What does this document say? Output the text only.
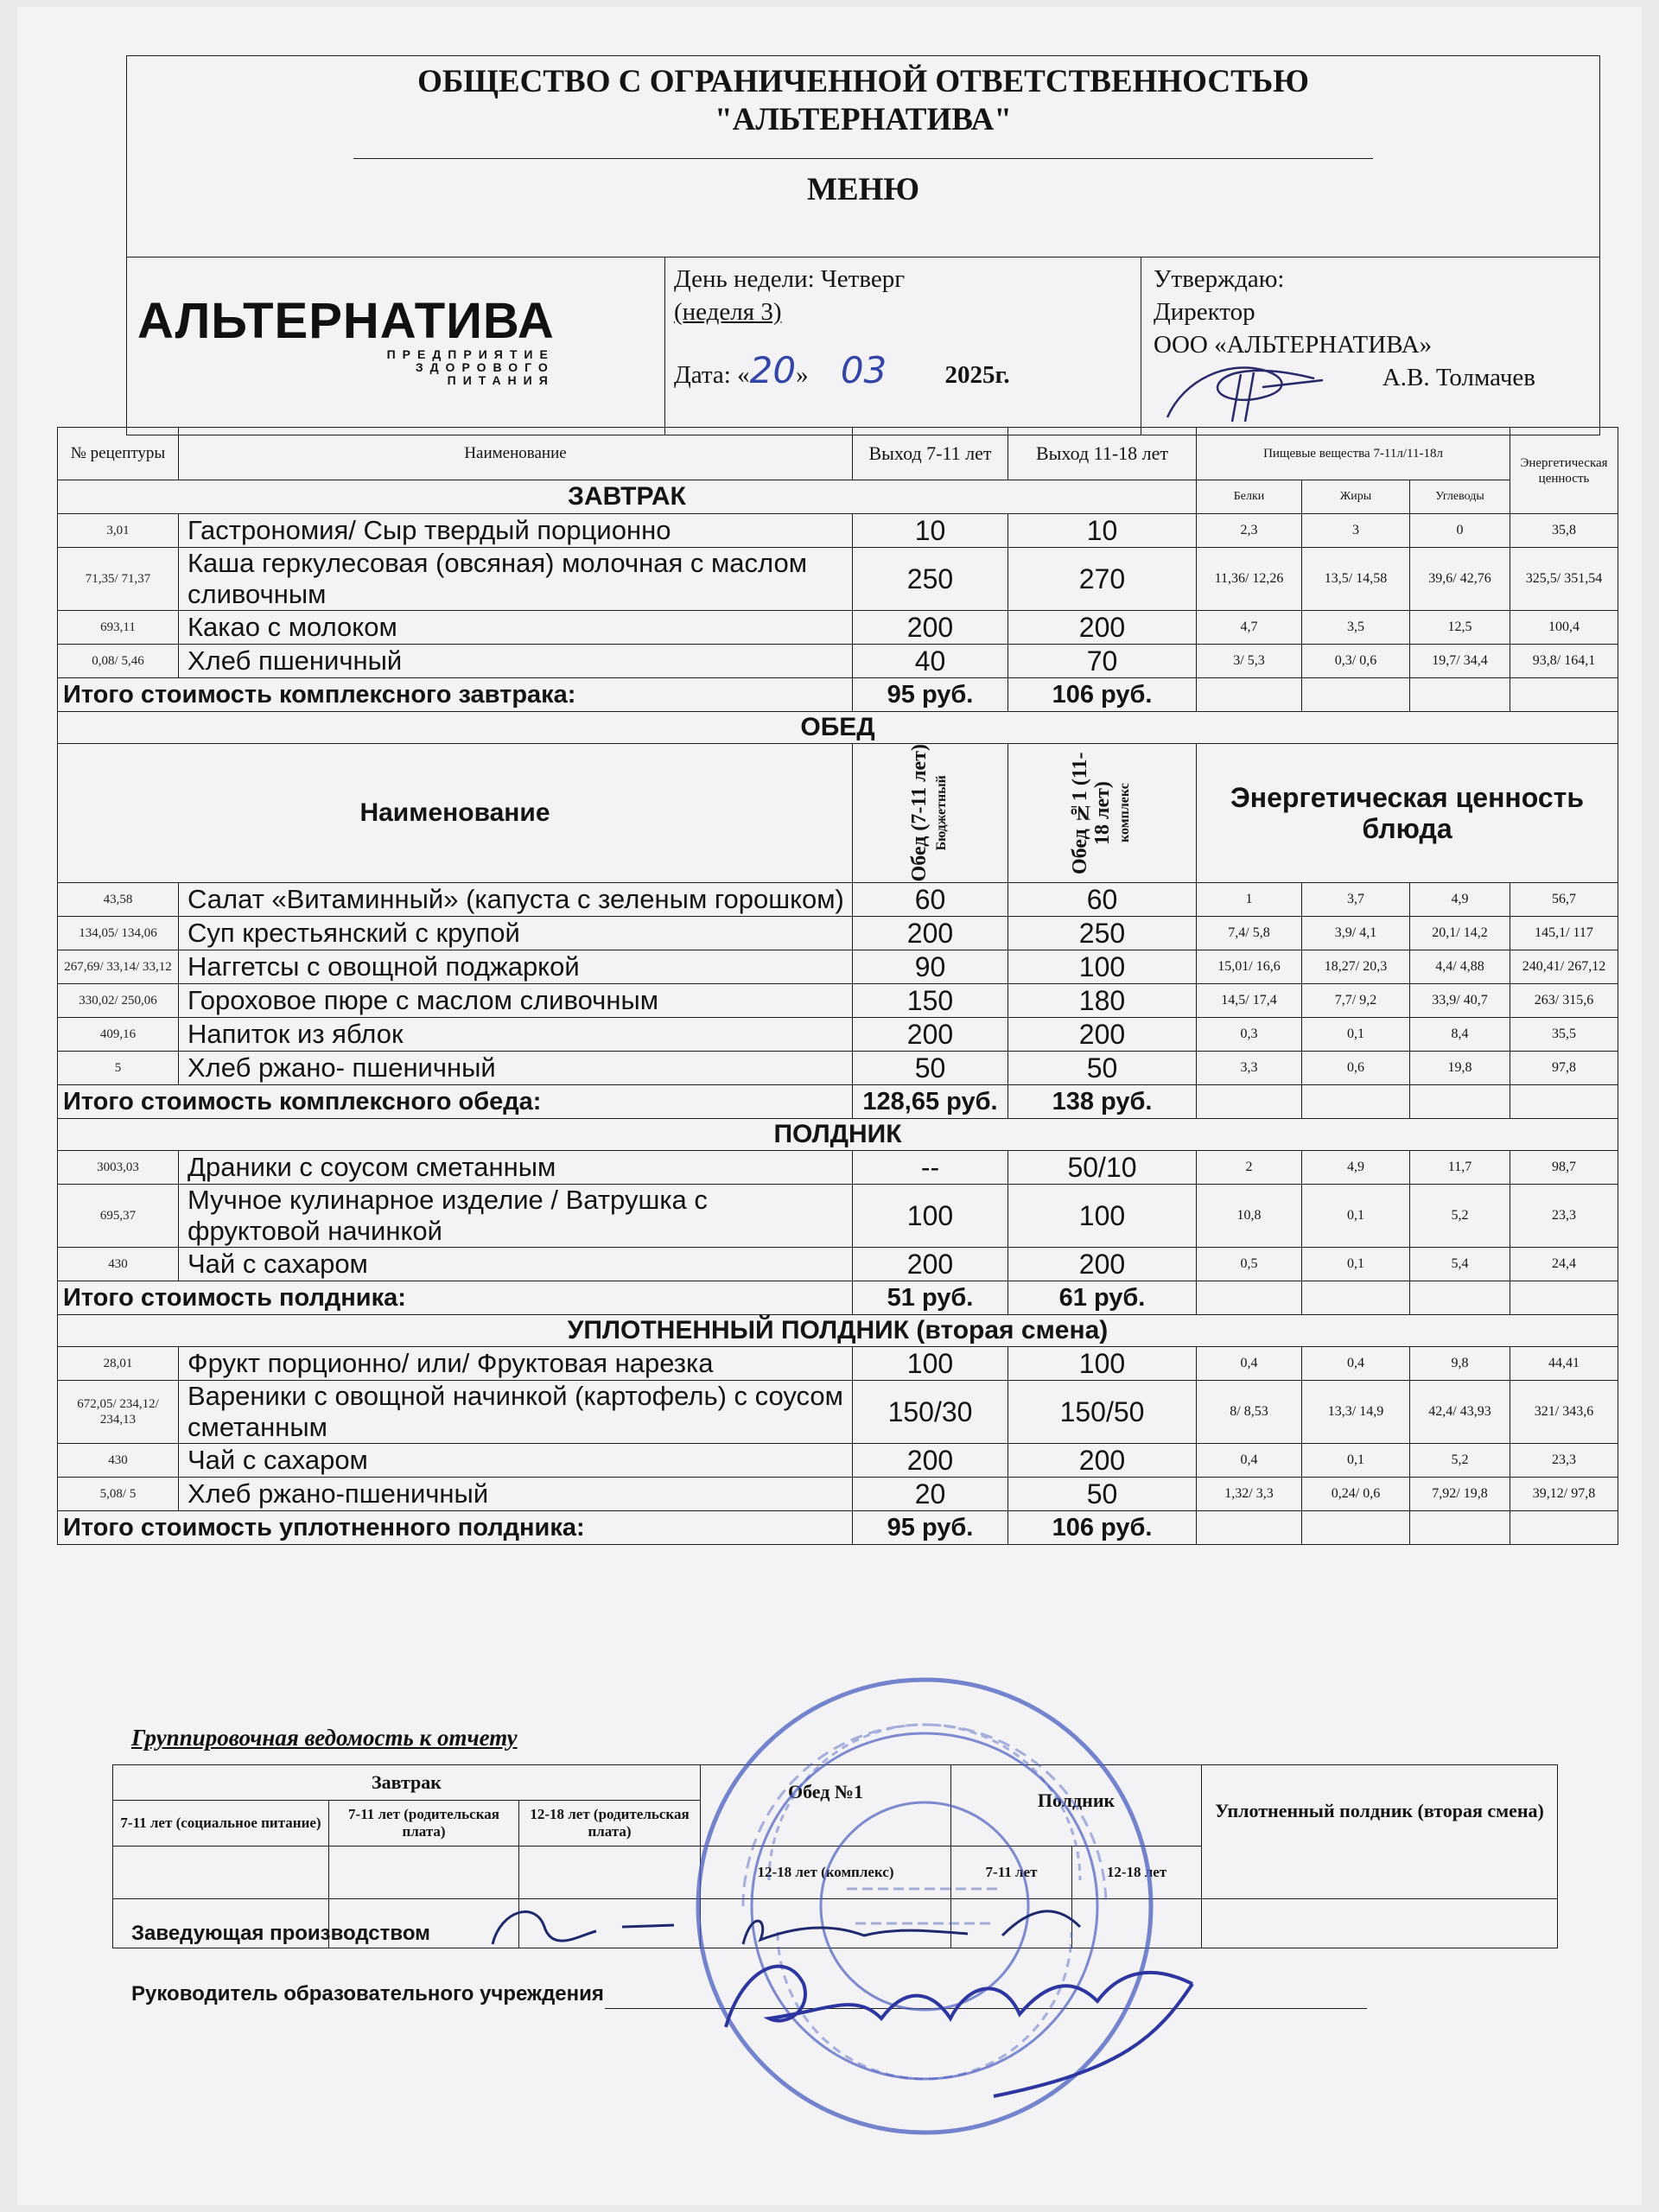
ОБЩЕСТВО С ОГРАНИЧЕННОЙ ОТВЕТСТВЕННОСТЬЮ
"АЛЬТЕРНАТИВА"
МЕНЮ

АЛЬТЕРНАТИВА
ПРЕДПРИЯТИЕ
ЗДОРОВОГО
ПИТАНИЯ

День недели: Четверг
(неделя 3)
Дата: «20» 03 2025г.

Утверждаю:
Директор
ООО «АЛЬТЕРНАТИВА»
А.В. Толмачев
№ рецептуры	Наименование	Выход 7-11 лет	Выход 11-18 лет	Пищевые вещества 7-11л/11-18л			Энергетическая ценность
ЗАВТРАК				Белки	Жиры	Углеводы	
3,01	Гастрономия/ Сыр твердый порционно	10	10	2,3	3	0	35,8
71,35/ 71,37	Каша геркулесовая (овсяная) молочная с маслом сливочным	250	270	11,36/ 12,26	13,5/ 14,58	39,6/ 42,76	325,5/ 351,54
693,11	Какао с молоком	200	200	4,7	3,5	12,5	100,4
0,08/ 5,46	Хлеб пшеничный	40	70	3/ 5,3	0,3/ 0,6	19,7/ 34,4	93,8/ 164,1
Итого стоимость комплексного завтрака:		95 руб.	106 руб.				
ОБЕД							
Наименование		Обед (7-11 лет) Бюджетный	Обед №1 (11-18 лет) комплекс	Энергетическая ценность блюда			
43,58	Салат «Витаминный» (капуста с зеленым горошком)	60	60	1	3,7	4,9	56,7
134,05/ 134,06	Суп крестьянский с крупой	200	250	7,4/ 5,8	3,9/ 4,1	20,1/ 14,2	145,1/ 117
267,69/ 33,14/ 33,12	Наггетсы с овощной поджаркой	90	100	15,01/ 16,6	18,27/ 20,3	4,4/ 4,88	240,41/ 267,12
330,02/ 250,06	Гороховое пюре с маслом сливочным	150	180	14,5/ 17,4	7,7/ 9,2	33,9/ 40,7	263/ 315,6
409,16	Напиток из яблок	200	200	0,3	0,1	8,4	35,5
5	Хлеб ржано- пшеничный	50	50	3,3	0,6	19,8	97,8
Итого стоимость комплексного обеда:		128,65 руб.	138 руб.				
ПОЛДНИК							
3003,03	Драники с соусом сметанным	--	50/10	2	4,9	11,7	98,7
695,37	Мучное кулинарное изделие / Ватрушка с фруктовой начинкой	100	100	10,8	0,1	5,2	23,3
430	Чай с сахаром	200	200	0,5	0,1	5,4	24,4
Итого стоимость полдника:		51 руб.	61 руб.				
УПЛОТНЕННЫЙ ПОЛДНИК (вторая смена)							
28,01	Фрукт порционно/ или/ Фруктовая нарезка	100	100	0,4	0,4	9,8	44,41
672,05/ 234,12/ 234,13	Вареники с овощной начинкой (картофель) с соусом сметанным	150/30	150/50	8/ 8,53	13,3/ 14,9	42,4/ 43,93	321/ 343,6
430	Чай с сахаром	200	200	0,4	0,1	5,2	23,3
5,08/ 5	Хлеб ржано-пшеничный	20	50	1,32/ 3,3	0,24/ 0,6	7,92/ 19,8	39,12/ 97,8
Итого стоимость уплотненного полдника:		95 руб.	106 руб.				
Группировочная ведомость к отчету
Завтрак			Обед №1	Полдник		Уплотненный полдник (вторая смена)
7-11 лет (социальное питание)	7-11 лет (родительская плата)	12-18 лет (родительская плата)				
			12-18 лет (комплекс)	7-11 лет	12-18 лет	

Заведующая производством
Руководитель образовательного учреждения
